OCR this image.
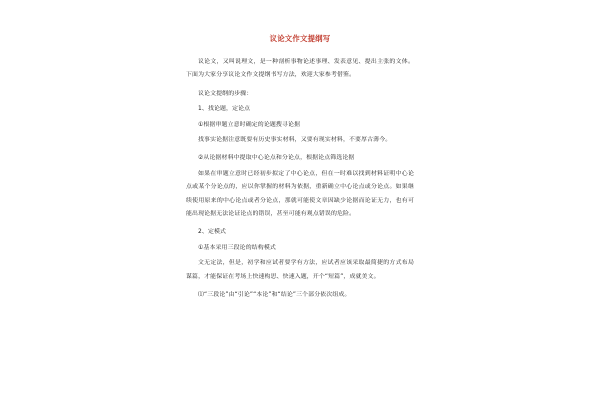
议论文作文提纲写
议论文，又叫说理文，是一种剖析事物论述事理、发表意见、提出主张的文体。下面为大家分享议论文作文提纲书写方法，欢迎大家参考借鉴。
议论文提纲的步骤：
1、找论题，定论点
①根据审题立意时确定的论题搜寻论据
找事实论据注意既要有历史事实材料，又要有现实材料，不要厚古薄今。
②从论据材料中提取中心论点和分论点，根据论点筛选论据
如果在审题立意时已经初步拟定了中心论点，但在一时难以找到材料证明中心论点或某个分论点的，应以你掌握的材料为依据，重新确立中心论点或分论点。如果继续使用原来的中心论点或者分论点，那就可能使文章因缺少论据而论证无力，也有可能出现论据无法论证论点的错误，甚至可能有观点错误的危险。
2、定模式
①基本采用三段论的结构模式
文无定法，但是，初学和应试者要学有方法，应试者应该采取最简捷的方式布局谋篇，才能保证在考场上快速构思、快速入题，开个“短篇”，成就美文。
⑴“三段论”由“引论”“本论”和“结论”三个部分依次组成。
